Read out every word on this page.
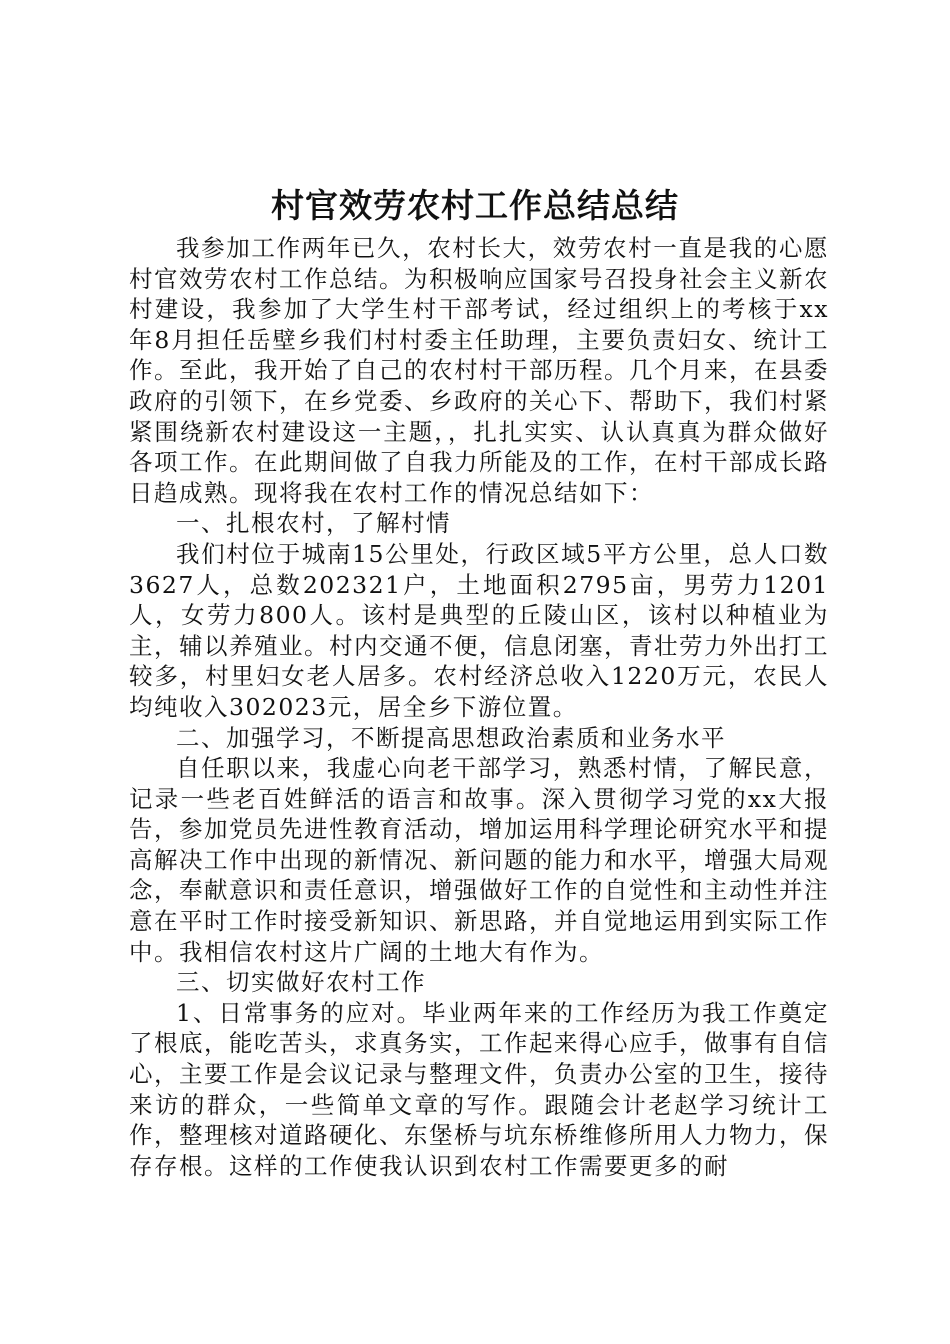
村官效劳农村工作总结总结

我参加工作两年已久，农村长大，效劳农村一直是我的心愿村官效劳农村工作总结。为积极响应国家号召投身社会主义新农村建设，我参加了大学生村干部考试，经过组织上的考核于xx年8月担任岳壁乡我们村村委主任助理，主要负责妇女、统计工作。至此，我开始了自己的农村村干部历程。几个月来，在县委政府的引领下，在乡党委、乡政府的关心下、帮助下，我们村紧紧围绕新农村建设这一主题，，扎扎实实、认认真真为群众做好各项工作。在此期间做了自我力所能及的工作，在村干部成长路日趋成熟。现将我在农村工作的情况总结如下：

一、扎根农村，了解村情

我们村位于城南15公里处，行政区域5平方公里，总人口数3627人，总数202321户，土地面积2795亩，男劳力1201人，女劳力800人。该村是典型的丘陵山区，该村以种植业为主，辅以养殖业。村内交通不便，信息闭塞，青壮劳力外出打工较多，村里妇女老人居多。农村经济总收入1220万元，农民人均纯收入302023元，居全乡下游位置。

二、加强学习，不断提高思想政治素质和业务水平

自任职以来，我虚心向老干部学习，熟悉村情，了解民意，记录一些老百姓鲜活的语言和故事。深入贯彻学习党的xx大报告，参加党员先进性教育活动，增加运用科学理论研究水平和提高解决工作中出现的新情况、新问题的能力和水平，增强大局观念，奉献意识和责任意识，增强做好工作的自觉性和主动性并注意在平时工作时接受新知识、新思路，并自觉地运用到实际工作中。我相信农村这片广阔的土地大有作为。

三、切实做好农村工作

1、日常事务的应对。毕业两年来的工作经历为我工作奠定了根底，能吃苦头，求真务实，工作起来得心应手，做事有自信心，主要工作是会议记录与整理文件，负责办公室的卫生，接待来访的群众，一些简单文章的写作。跟随会计老赵学习统计工作，整理核对道路硬化、东堡桥与坑东桥维修所用人力物力，保存存根。这样的工作使我认识到农村工作需要更多的耐
